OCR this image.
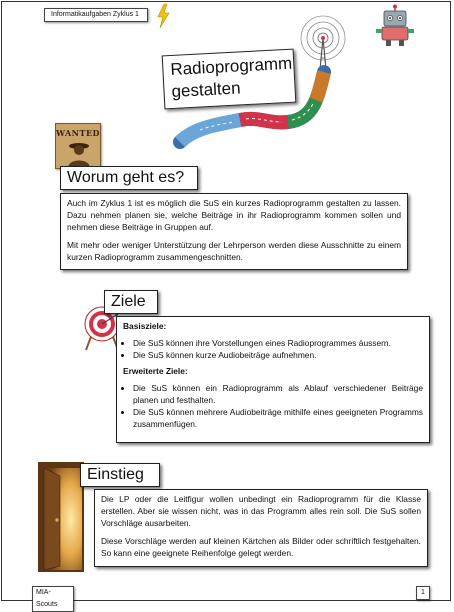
Informatikaufgaben Zyklus 1
Radioprogramm
gestalten
WANTED
Worum geht es?

Auch im Zyklus 1 ist es möglich die SuS ein kurzes Radioprogramm gestalten zu lassen. Dazu nehmen planen sie, welche Beiträge in ihr Radioprogramm kommen sollen und nehmen diese Beiträge in Gruppen auf.

Mit mehr oder weniger Unterstützung der Lehrperson werden diese Ausschnitte zu einem kurzen Radioprogramm zusammengeschnitten.

Ziele

Basisziele:

• Die SuS können ihre Vorstellungen eines Radioprogrammes äussern.
• Die SuS können kurze Audiobeiträge aufnehmen.

Erweiterte Ziele:

• Die SuS können ein Radioprogramm als Ablauf verschiedener Beiträge planen und festhalten.
• Die SuS können mehrere Audiobeiträge mithilfe eines geeigneten Programms zusammenfügen.
Einstieg

Die LP oder die Leitfigur wollen unbedingt ein Radioprogramm für die Klasse erstellen. Aber sie wissen nicht, was in das Programm alles rein soll. Die SuS sollen Vorschläge ausarbeiten.

Diese Vorschläge werden auf kleinen Kärtchen als Bilder oder schriftlich festgehalten. So kann eine geeignete Reihenfolge gelegt werden.

MIA-Scouts
1
